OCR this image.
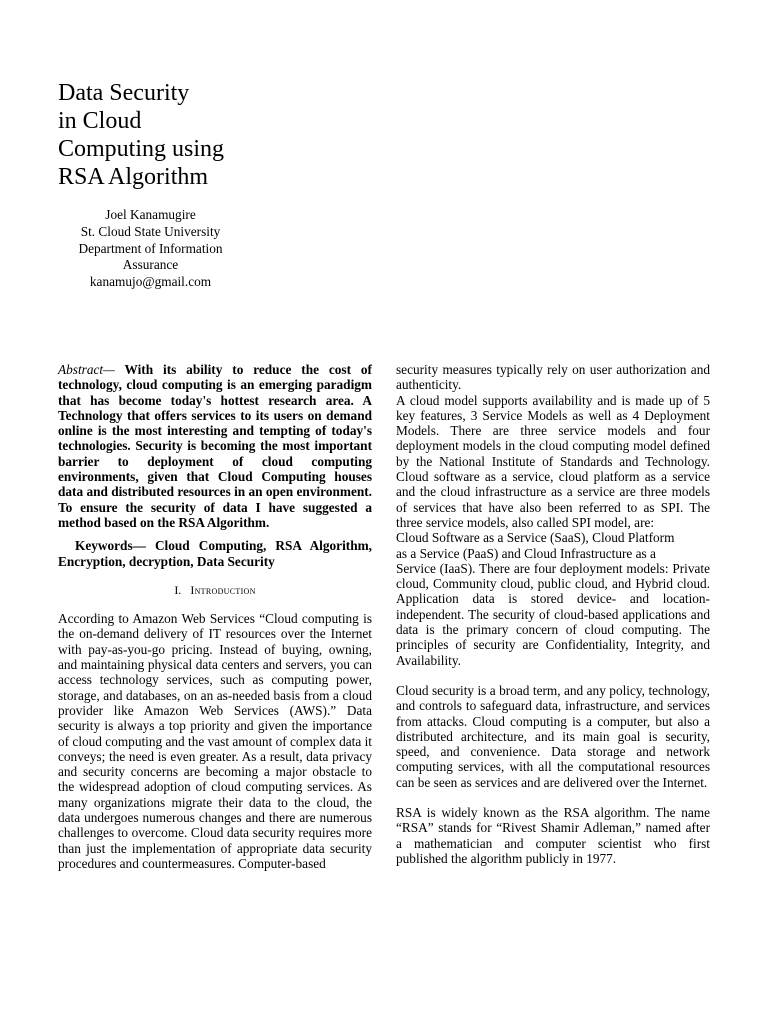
Data Security
in Cloud
Computing using
RSA Algorithm
Joel Kanamugire
St. Cloud State University
Department of Information
Assurance
kanamujo@gmail.com

Abstract— With its ability to reduce the cost of technology, cloud computing is an emerging paradigm that has become today's hottest research area. A Technology that offers services to its users on demand online is the most interesting and tempting of today's technologies. Security is becoming the most important barrier to deployment of cloud computing environments, given that Cloud Computing houses data and distributed resources in an open environment. To ensure the security of data I have suggested a method based on the RSA Algorithm.

Keywords— Cloud Computing, RSA Algorithm, Encryption, decryption, Data Security

I. Introduction

According to Amazon Web Services “Cloud computing is the on-demand delivery of IT resources over the Internet with pay-as-you-go pricing. Instead of buying, owning, and maintaining physical data centers and servers, you can access technology services, such as computing power, storage, and databases, on an as-needed basis from a cloud provider like Amazon Web Services (AWS).” Data security is always a top priority and given the importance of cloud computing and the vast amount of complex data it conveys; the need is even greater. As a result, data privacy and security concerns are becoming a major obstacle to the widespread adoption of cloud computing services. As many organizations migrate their data to the cloud, the data undergoes numerous changes and there are numerous challenges to overcome. Cloud data security requires more than just the implementation of appropriate data security procedures and countermeasures. Computer-based

security measures typically rely on user authorization and authenticity.

A cloud model supports availability and is made up of 5 key features, 3 Service Models as well as 4 Deployment Models. There are three service models and four deployment models in the cloud computing model defined by the National Institute of Standards and Technology. Cloud software as a service, cloud platform as a service and the cloud infrastructure as a service are three models of services that have also been referred to as SPI. The three service models, also called SPI model, are:

Cloud Software as a Service (SaaS), Cloud Platform

as a Service (PaaS) and Cloud Infrastructure as a

Service (IaaS). There are four deployment models: Private cloud, Community cloud, public cloud, and Hybrid cloud. Application data is stored device- and location-independent. The security of cloud-based applications and data is the primary concern of cloud computing. The principles of security are Confidentiality, Integrity, and Availability.

Cloud security is a broad term, and any policy, technology, and controls to safeguard data, infrastructure, and services from attacks. Cloud computing is a computer, but also a distributed architecture, and its main goal is security, speed, and convenience. Data storage and network computing services, with all the computational resources can be seen as services and are delivered over the Internet.

RSA is widely known as the RSA algorithm. The name “RSA” stands for “Rivest Shamir Adleman,” named after a mathematician and computer scientist who first published the algorithm publicly in 1977.
